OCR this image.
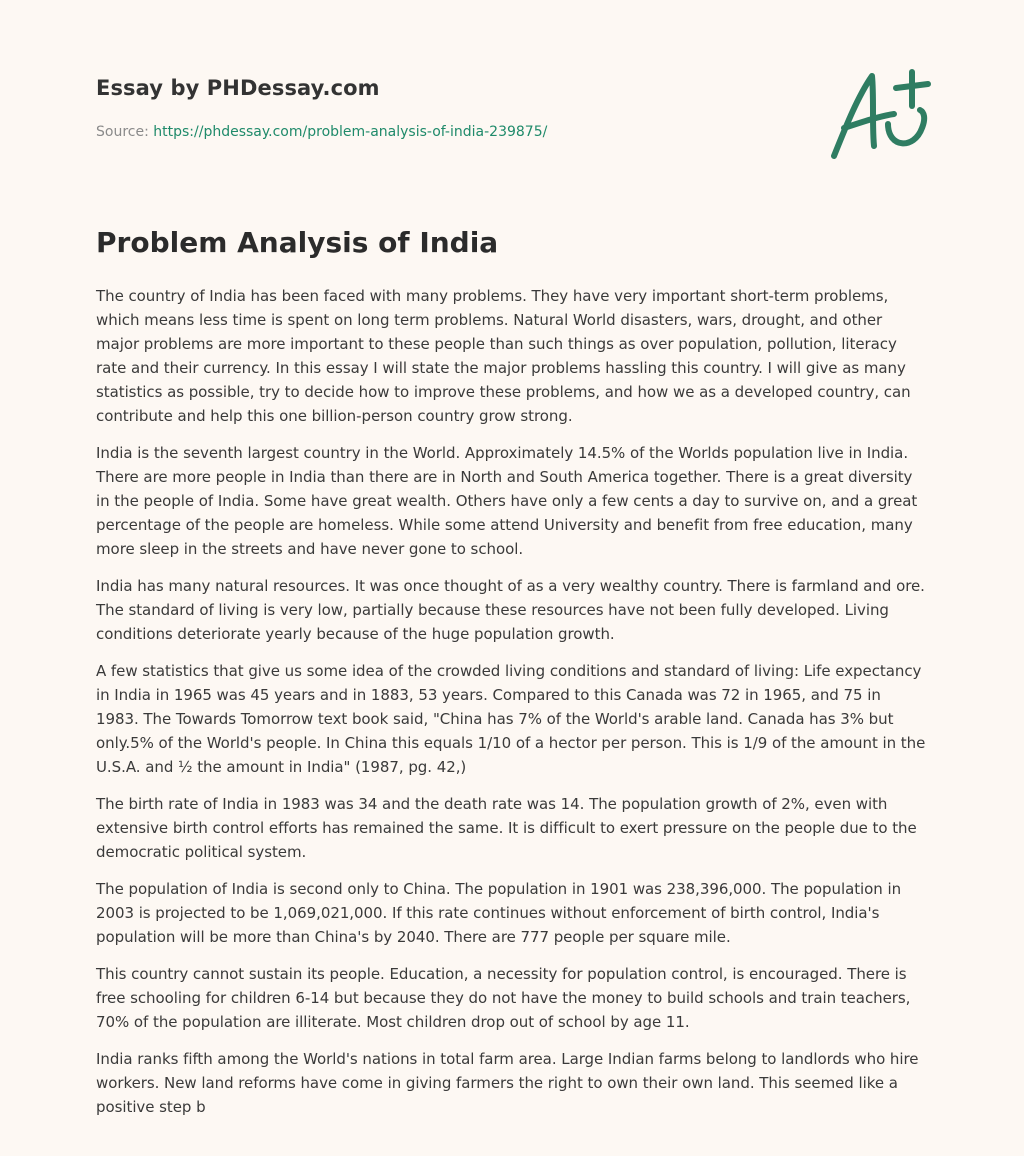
Essay by PHDessay.com
Source: https://phdessay.com/problem-analysis-of-india-239875/
Problem Analysis of India

The country of India has been faced with many problems. They have very important short-term problems, which means less time is spent on long term problems. Natural World disasters, wars, drought, and other major problems are more important to these people than such things as over population, pollution, literacy rate and their currency. In this essay I will state the major problems hassling this country. I will give as many statistics as possible, try to decide how to improve these problems, and how we as a developed country, can contribute and help this one billion-person country grow strong.

India is the seventh largest country in the World. Approximately 14.5% of the Worlds population live in India. There are more people in India than there are in North and South America together. There is a great diversity in the people of India. Some have great wealth. Others have only a few cents a day to survive on, and a great percentage of the people are homeless. While some attend University and benefit from free education, many more sleep in the streets and have never gone to school.

India has many natural resources. It was once thought of as a very wealthy country. There is farmland and ore. The standard of living is very low, partially because these resources have not been fully developed. Living conditions deteriorate yearly because of the huge population growth.

A few statistics that give us some idea of the crowded living conditions and standard of living: Life expectancy in India in 1965 was 45 years and in 1883, 53 years. Compared to this Canada was 72 in 1965, and 75 in 1983. The Towards Tomorrow text book said, "China has 7% of the World's arable land. Canada has 3% but only.5% of the World's people. In China this equals 1/10 of a hector per person. This is 1/9 of the amount in the U.S.A. and ½ the amount in India" (1987, pg. 42,)

The birth rate of India in 1983 was 34 and the death rate was 14. The population growth of 2%, even with extensive birth control efforts has remained the same. It is difficult to exert pressure on the people due to the democratic political system.

The population of India is second only to China. The population in 1901 was 238,396,000. The population in 2003 is projected to be 1,069,021,000. If this rate continues without enforcement of birth control, India's population will be more than China's by 2040. There are 777 people per square mile.

This country cannot sustain its people. Education, a necessity for population control, is encouraged. There is free schooling for children 6-14 but because they do not have the money to build schools and train teachers, 70% of the population are illiterate. Most children drop out of school by age 11.

India ranks fifth among the World's nations in total farm area. Large Indian farms belong to landlords who hire workers. New land reforms have come in giving farmers the right to own their own land. This seemed like a positive step b
